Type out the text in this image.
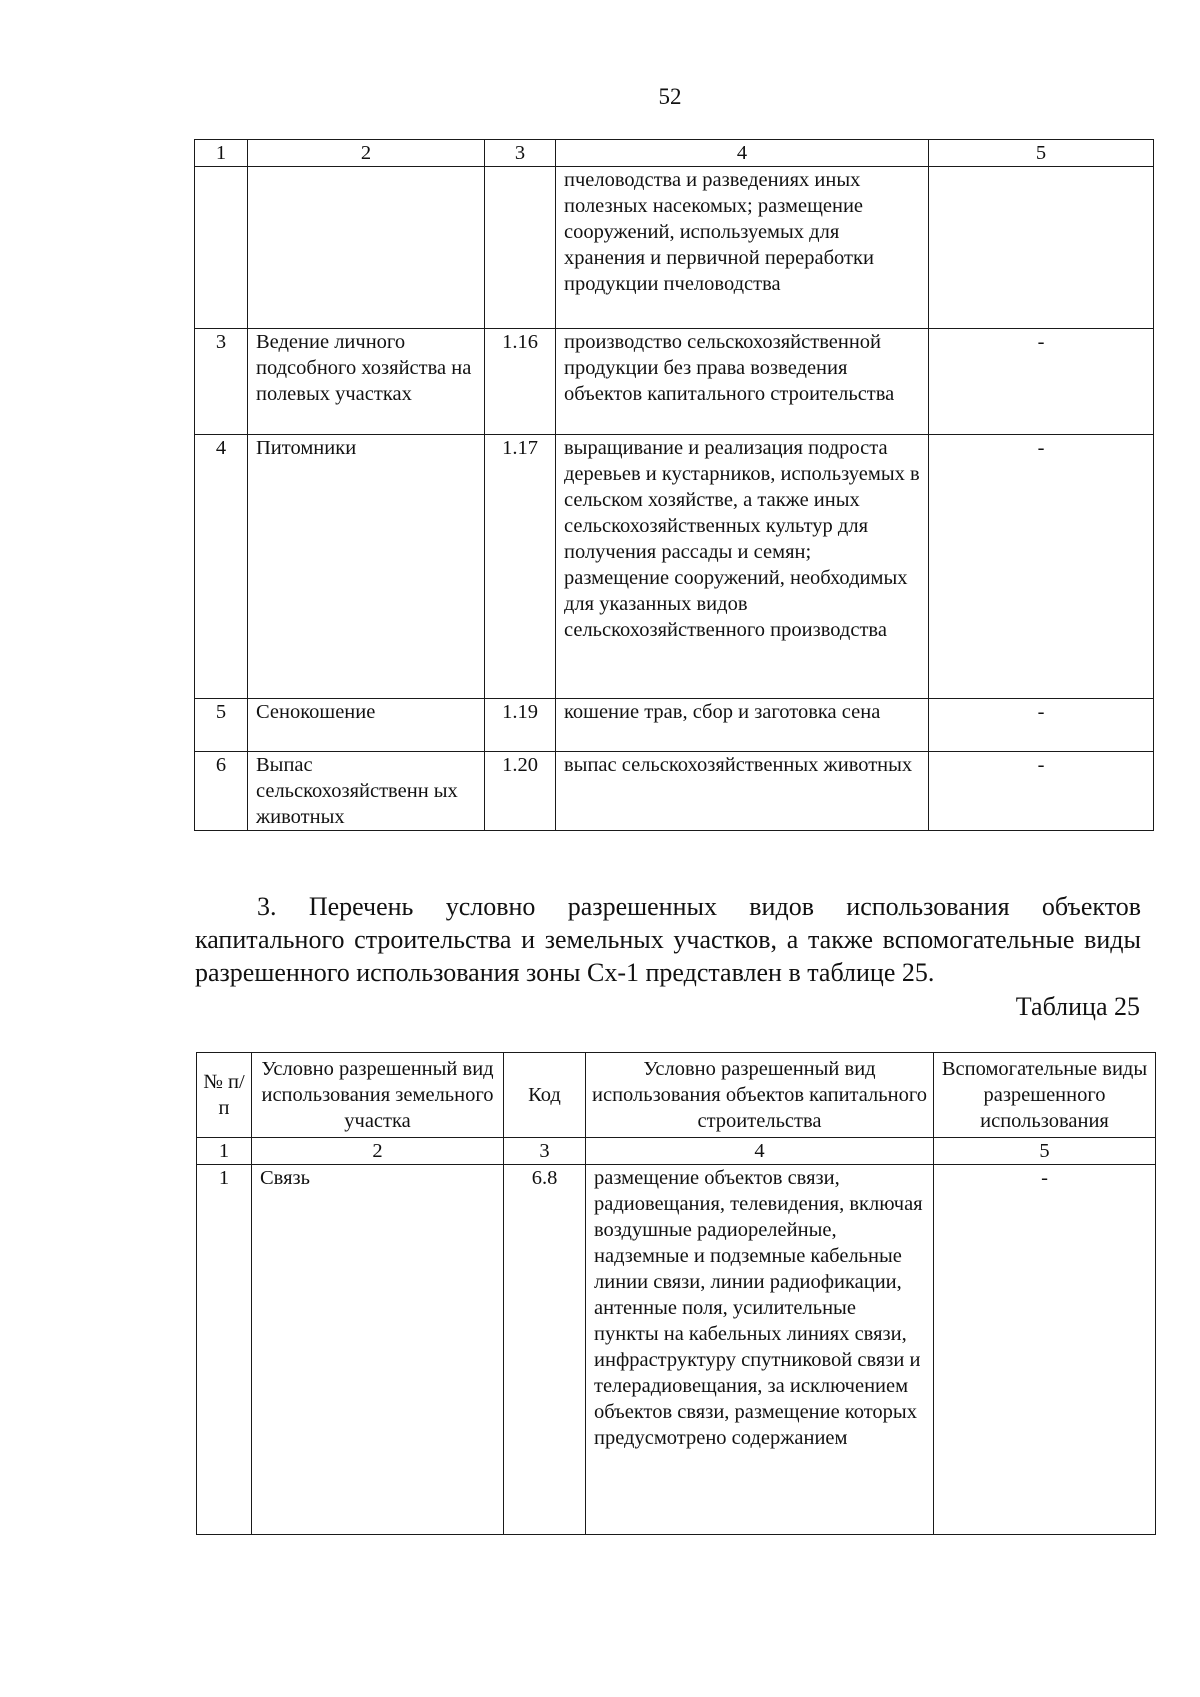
52
1	2	3	4	5
			пчеловодства и разведениях иных полезных насекомых; размещение сооружений, используемых для хранения и первичной переработки продукции пчеловодства	
3	Ведение личного подсобного хозяйства на полевых участках	1.16	производство сельскохозяйственной продукции без права возведения объектов капитального строительства	-
4	Питомники	1.17	выращивание и реализация подроста деревьев и кустарников, используемых в сельском хозяйстве, а также иных сельскохозяйственных культур для получения рассады и семян; размещение сооружений, необходимых для указанных видов сельскохозяйственного производства	-
5	Сенокошение	1.19	кошение трав, сбор и заготовка сена	-
6	Выпас сельскохозяйственн ых животных	1.20	выпас сельскохозяйственных животных	-

3. Перечень условно разрешенных видов использования объектов капитального строительства и земельных участков, а также вспомогательные виды разрешенного использования зоны Сх-1 представлен в таблице 25.

Таблица 25
№ п/п	Условно разрешенный вид использования земельного участка	Код	Условно разрешенный вид использования объектов капитального строительства	Вспомогательные виды разрешенного использования
1	2	3	4	5
1	Связь	6.8	размещение объектов связи, радиовещания, телевидения, включая воздушные радиорелейные, надземные и подземные кабельные линии связи, линии радиофикации, антенные поля, усилительные пункты на кабельных линиях связи, инфраструктуру спутниковой связи и телерадиовещания, за исключением объектов связи, размещение которых предусмотрено содержанием	-
